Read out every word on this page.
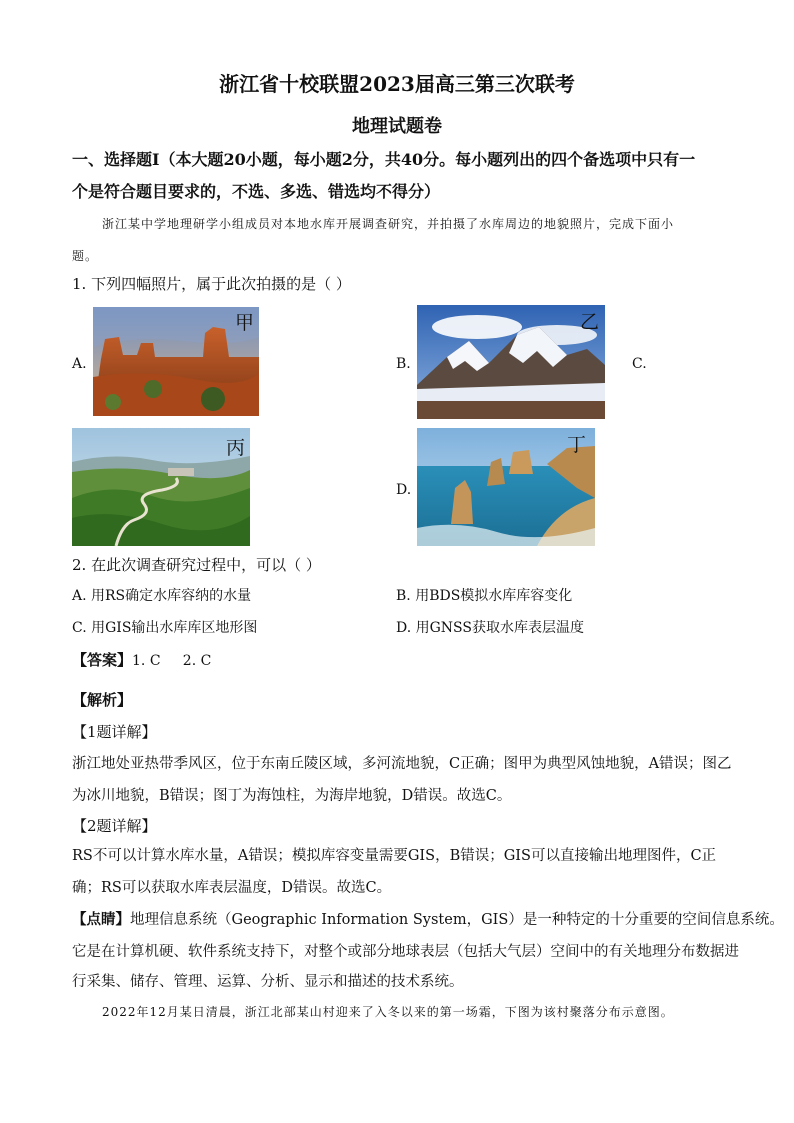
浙江省十校联盟2023届高三第三次联考
地理试题卷
一、选择题Ⅰ（本大题20小题，每小题2分，共40分。每小题列出的四个备选项中只有一
个是符合题目要求的，不选、多选、错选均不得分）
浙江某中学地理研学小组成员对本地水库开展调查研究，并拍摄了水库周边的地貌照片，完成下面小
题。
1. 下列四幅照片，属于此次拍摄的是（ ）
A.	B.	C.
D.
甲	乙
丙	丁
2. 在此次调查研究过程中，可以（ ）
A. 用RS确定水库容纳的水量	B. 用BDS模拟水库库容变化
C. 用GIS输出水库库区地形图	D. 用GNSS获取水库表层温度
【答案】1. C     2. C
【解析】
【1题详解】
浙江地处亚热带季风区，位于东南丘陵区域，多河流地貌，C正确；图甲为典型风蚀地貌，A错误；图乙
为冰川地貌，B错误；图丁为海蚀柱，为海岸地貌，D错误。故选C。
【2题详解】
RS不可以计算水库水量，A错误；模拟库容变量需要GIS，B错误；GIS可以直接输出地理图件，C正
确；RS可以获取水库表层温度，D错误。故选C。
【点睛】地理信息系统（Geographic Information System，GIS）是一种特定的十分重要的空间信息系统。
它是在计算机硬、软件系统支持下，对整个或部分地球表层（包括大气层）空间中的有关地理分布数据进
行采集、储存、管理、运算、分析、显示和描述的技术系统。
2022年12月某日清晨，浙江北部某山村迎来了入冬以来的第一场霜，下图为该村聚落分布示意图。
